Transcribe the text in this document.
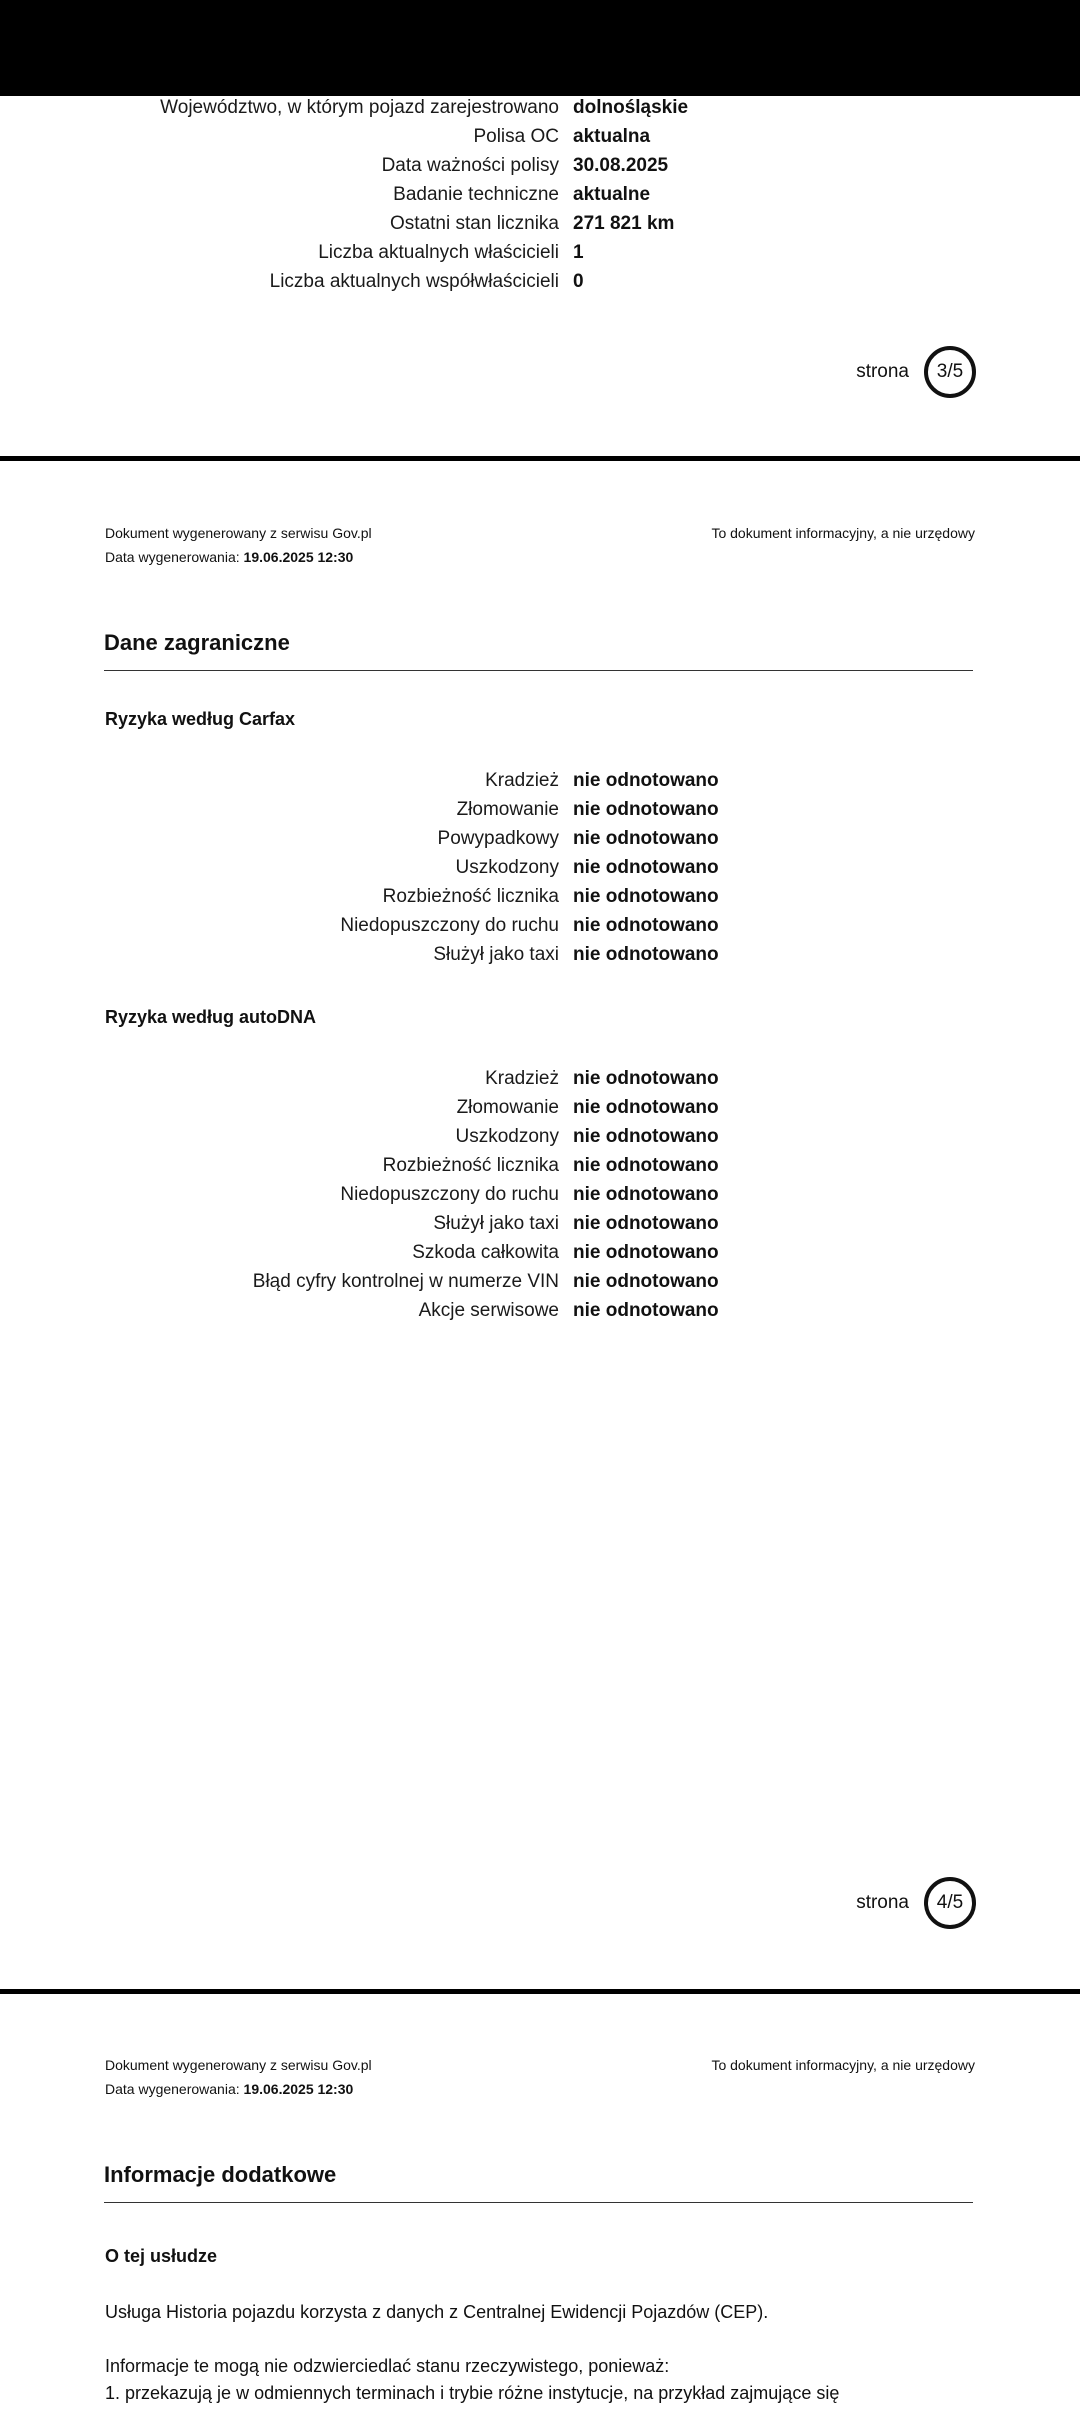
Województwo, w którym pojazd zarejestrowano dolnośląskie
Polisa OC aktualna
Data ważności polisy 30.08.2025
Badanie techniczne aktualne
Ostatni stan licznika 271 821 km
Liczba aktualnych właścicieli 1
Liczba aktualnych współwłaścicieli 0
strona	3/5
Dokument wygenerowany z serwisu Gov.pl
Data wygenerowania: 19.06.2025 12:30
To dokument informacyjny, a nie urzędowy
Dane zagraniczne
Ryzyka według Carfax
Kradzież nie odnotowano
Złomowanie nie odnotowano
Powypadkowy nie odnotowano
Uszkodzony nie odnotowano
Rozbieżność licznika nie odnotowano
Niedopuszczony do ruchu nie odnotowano
Służył jako taxi nie odnotowano
Ryzyka według autoDNA
Kradzież nie odnotowano
Złomowanie nie odnotowano
Uszkodzony nie odnotowano
Rozbieżność licznika nie odnotowano
Niedopuszczony do ruchu nie odnotowano
Służył jako taxi nie odnotowano
Szkoda całkowita nie odnotowano
Błąd cyfry kontrolnej w numerze VIN nie odnotowano
Akcje serwisowe nie odnotowano
strona	4/5
Dokument wygenerowany z serwisu Gov.pl
Data wygenerowania: 19.06.2025 12:30
To dokument informacyjny, a nie urzędowy
Informacje dodatkowe
O tej usłudze
Usługa Historia pojazdu korzysta z danych z Centralnej Ewidencji Pojazdów (CEP).
Informacje te mogą nie odzwierciedlać stanu rzeczywistego, ponieważ:
1. przekazują je w odmiennych terminach i trybie różne instytucje, na przykład zajmujące się
